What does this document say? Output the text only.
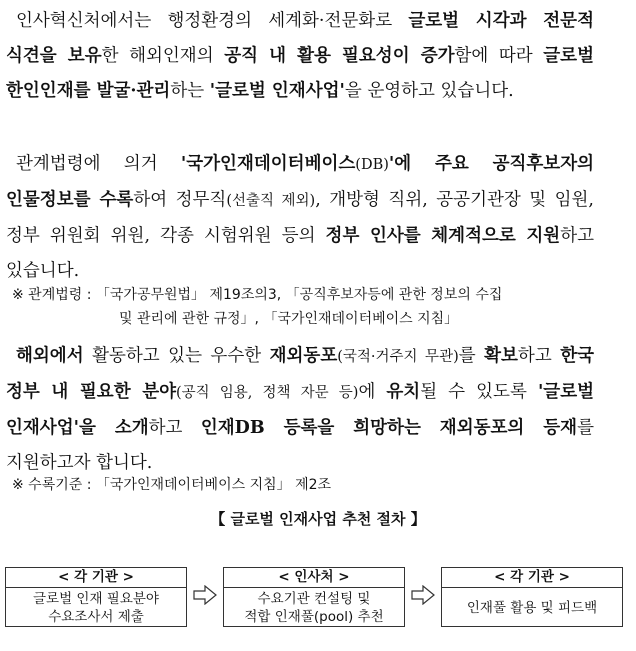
인사혁신처에서는 행정환경의 세계화·전문화로 글로벌 시각과 전문적 식견을 보유한 해외인재의 공직 내 활용 필요성이 증가함에 따라 글로벌 한인인재를 발굴·관리하는 '글로벌 인재사업'을 운영하고 있습니다.
관계법령에 의거 '국가인재데이터베이스(DB)'에 주요 공직후보자의 인물정보를 수록하여 정무직(선출직 제외), 개방형 직위, 공공기관장 및 임원, 정부 위원회 위원, 각종 시험위원 등의 정부 인사를 체계적으로 지원하고 있습니다.
※ 관계법령 : 「국가공무원법」 제19조의3, 「공직후보자등에 관한 정보의 수집
및 관리에 관한 규정」, 「국가인재데이터베이스 지침」
해외에서 활동하고 있는 우수한 재외동포(국적·거주지 무관)를 확보하고 한국 정부 내 필요한 분야(공직 임용, 정책 자문 등)에 유치될 수 있도록 '글로벌 인재사업'을 소개하고 인재DB 등록을 희망하는 재외동포의 등재를 지원하고자 합니다.
※ 수록기준 : 「국가인재데이터베이스 지침」 제2조
【 글로벌 인재사업 추천 절차 】
< 각 기관 >
글로벌 인재 필요분야
수요조사서 제출
< 인사처 >
수요기관 컨설팅 및
적합 인재풀(pool) 추천
< 각 기관 >
인재풀 활용 및 피드백
